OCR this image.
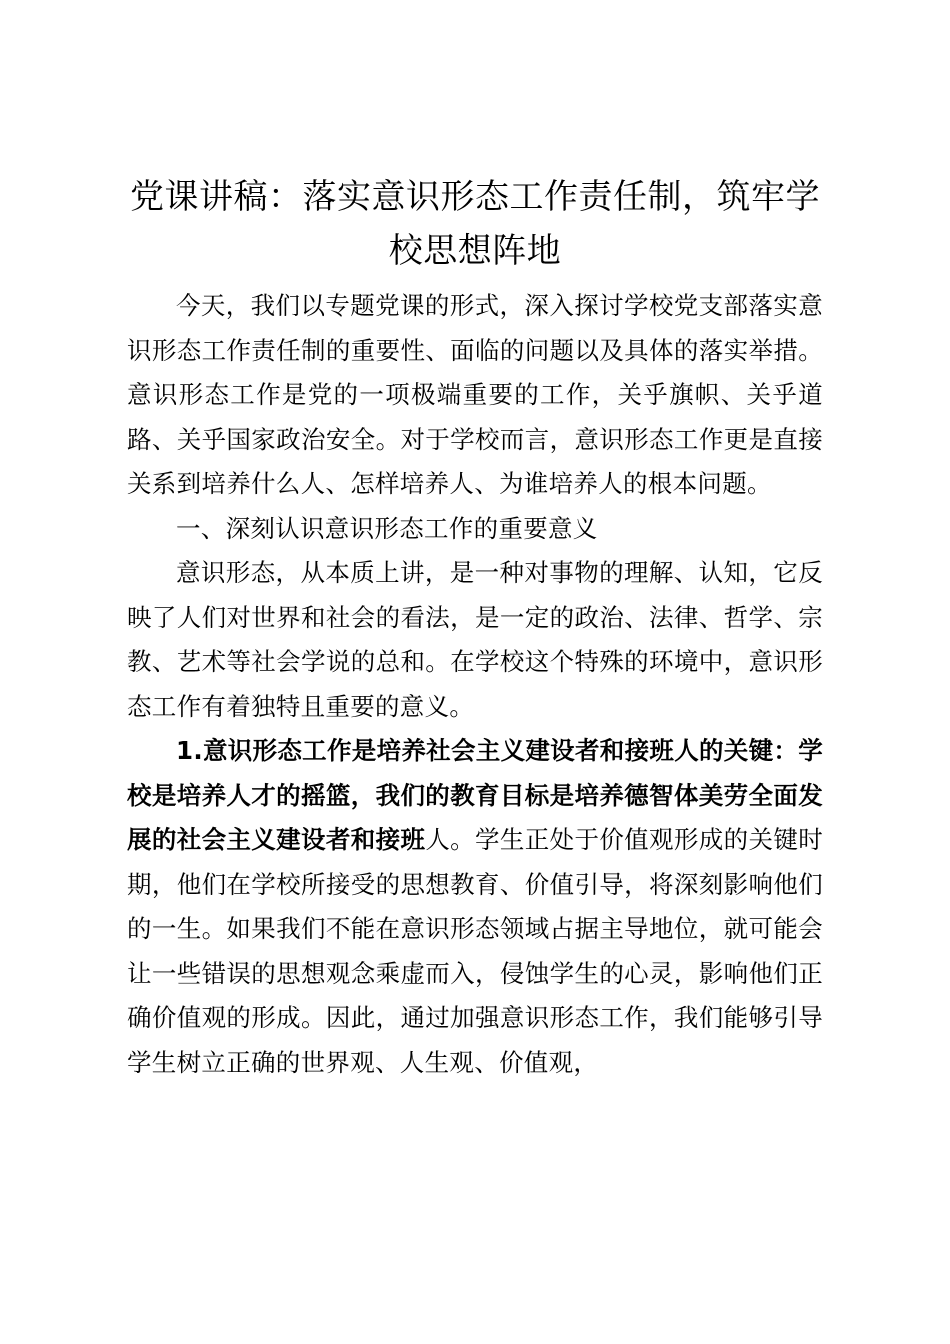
党课讲稿：落实意识形态工作责任制，筑牢学校思想阵地

今天，我们以专题党课的形式，深入探讨学校党支部落实意识形态工作责任制的重要性、面临的问题以及具体的落实举措。意识形态工作是党的一项极端重要的工作，关乎旗帜、关乎道路、关乎国家政治安全。对于学校而言，意识形态工作更是直接关系到培养什么人、怎样培养人、为谁培养人的根本问题。

一、深刻认识意识形态工作的重要意义

意识形态，从本质上讲，是一种对事物的理解、认知，它反映了人们对世界和社会的看法，是一定的政治、法律、哲学、宗教、艺术等社会学说的总和。在学校这个特殊的环境中，意识形态工作有着独特且重要的意义。

1.意识形态工作是培养社会主义建设者和接班人的关键：学校是培养人才的摇篮，我们的教育目标是培养德智体美劳全面发展的社会主义建设者和接班人。学生正处于价值观形成的关键时期，他们在学校所接受的思想教育、价值引导，将深刻影响他们的一生。如果我们不能在意识形态领域占据主导地位，就可能会让一些错误的思想观念乘虚而入，侵蚀学生的心灵，影响他们正确价值观的形成。因此，通过加强意识形态工作，我们能够引导学生树立正确的世界观、人生观、价值观，
